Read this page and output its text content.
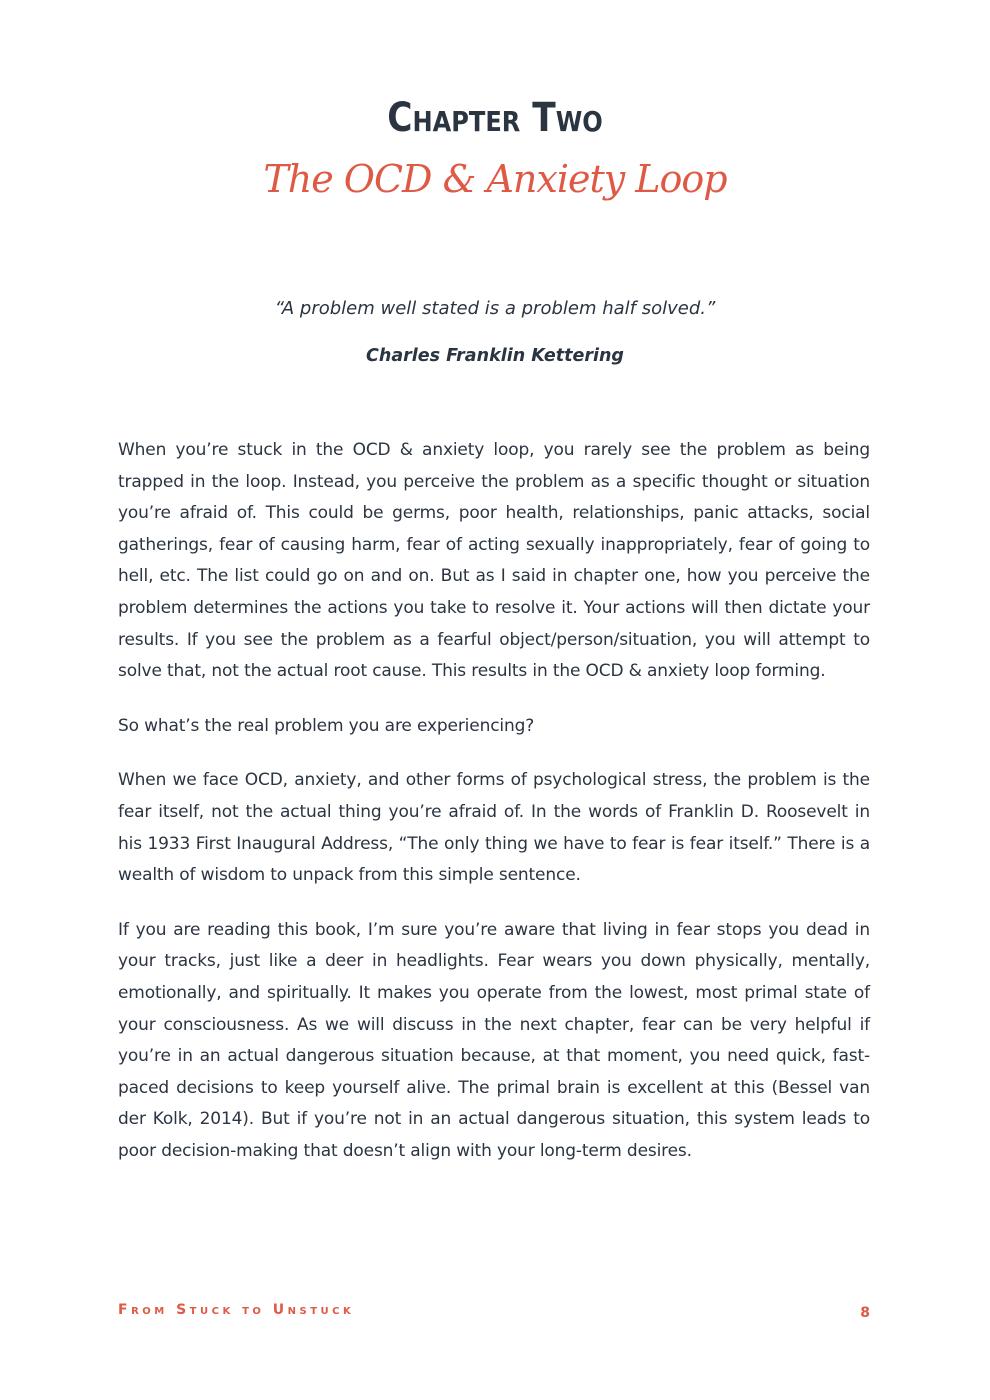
Chapter Two
The OCD & Anxiety Loop
“A problem well stated is a problem half solved.”
Charles Franklin Kettering

When you’re stuck in the OCD & anxiety loop, you rarely see the problem as being trapped in the loop. Instead, you perceive the problem as a specific thought or situation you’re afraid of. This could be germs, poor health, relationships, panic attacks, social gatherings, fear of causing harm, fear of acting sexually inappropriately, fear of going to hell, etc. The list could go on and on. But as I said in chapter one, how you perceive the problem determines the actions you take to resolve it. Your actions will then dictate your results. If you see the problem as a fearful object/person/situation, you will attempt to solve that, not the actual root cause. This results in the OCD & anxiety loop forming.

So what’s the real problem you are experiencing?

When we face OCD, anxiety, and other forms of psychological stress, the problem is the fear itself, not the actual thing you’re afraid of. In the words of Franklin D. Roosevelt in his 1933 First Inaugural Address, “The only thing we have to fear is fear itself.” There is a wealth of wisdom to unpack from this simple sentence.

If you are reading this book, I’m sure you’re aware that living in fear stops you dead in your tracks, just like a deer in headlights. Fear wears you down physically, mentally, emotionally, and spiritually. It makes you operate from the lowest, most primal state of your consciousness. As we will discuss in the next chapter, fear can be very helpful if you’re in an actual dangerous situation because, at that moment, you need quick, fast-paced decisions to keep yourself alive. The primal brain is excellent at this (Bessel van der Kolk, 2014). But if you’re not in an actual dangerous situation, this system leads to poor decision-making that doesn’t align with your long-term desires.

From Stuck to Unstuck	8
